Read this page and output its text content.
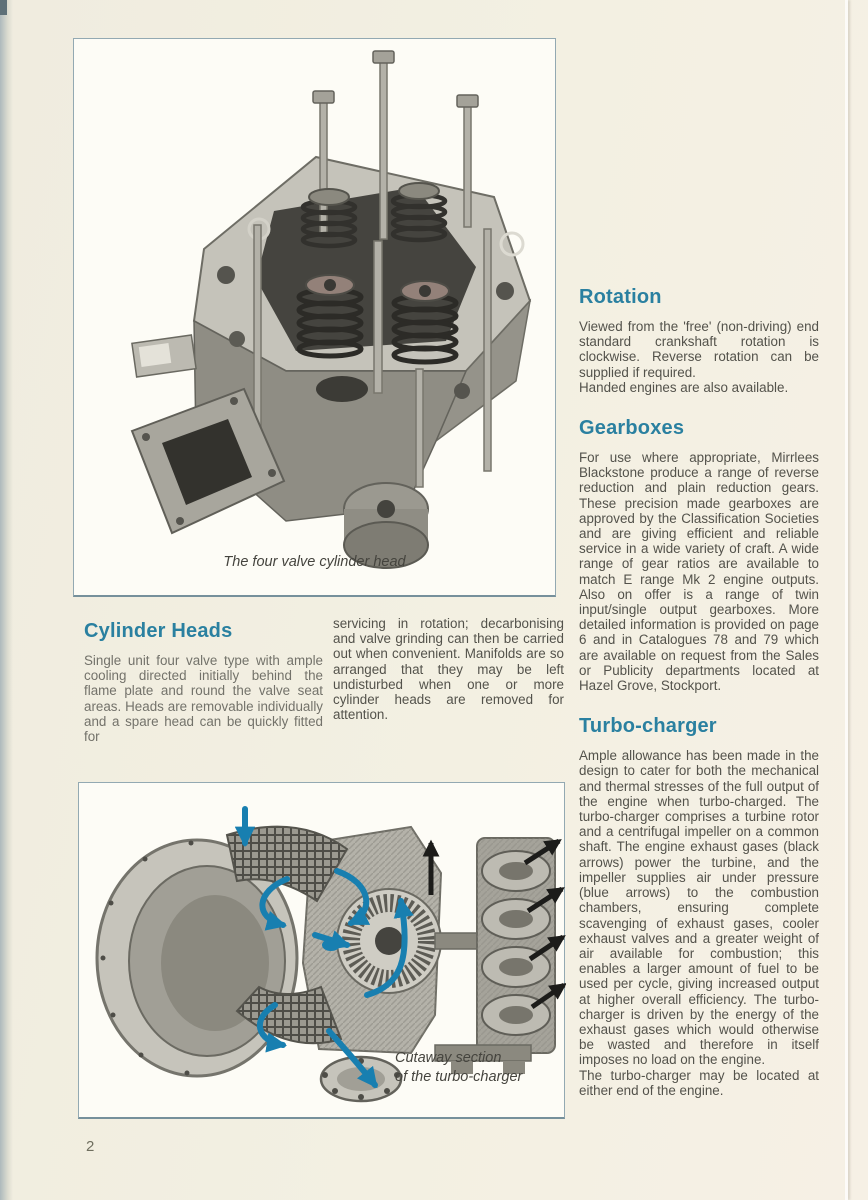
The four valve cylinder head
Cylinder Heads
Single unit four valve type with ample cooling directed initially behind the flame plate and round the valve seat areas. Heads are removable individually and a spare head can be quickly fitted for
servicing in rotation; decarbonising and valve grinding can then be carried out when convenient. Manifolds are so arranged that they may be left undisturbed when one or more cylinder heads are removed for attention.
Rotation

Viewed from the 'free' (non-driving) end standard crankshaft rotation is clockwise. Reverse rotation can be supplied if required.

Handed engines are also available.

Gearboxes

For use where appropriate, Mirrlees Blackstone produce a range of reverse reduction and plain reduction gears. These precision made gearboxes are approved by the Classification Societies and are giving efficient and reliable service in a wide variety of craft. A wide range of gear ratios are available to match E range Mk 2 engine outputs. Also on offer is a range of twin input/single output gearboxes. More detailed information is provided on page 6 and in Catalogues 78 and 79 which are available on request from the Sales or Publicity departments located at Hazel Grove, Stockport.

Turbo-charger

Ample allowance has been made in the design to cater for both the mechanical and thermal stresses of the full output of the engine when turbo-charged. The turbo-charger comprises a turbine rotor and a centrifugal impeller on a common shaft. The engine exhaust gases (black arrows) power the turbine, and the impeller supplies air under pressure (blue arrows) to the combustion chambers, ensuring complete scavenging of exhaust gases, cooler exhaust valves and a greater weight of air available for combustion; this enables a larger amount of fuel to be used per cycle, giving increased output at higher overall efficiency. The turbo-charger is driven by the energy of the exhaust gases which would otherwise be wasted and therefore in itself imposes no load on the engine.

The turbo-charger may be located at either end of the engine.

Cutaway section
of the turbo-charger
2
